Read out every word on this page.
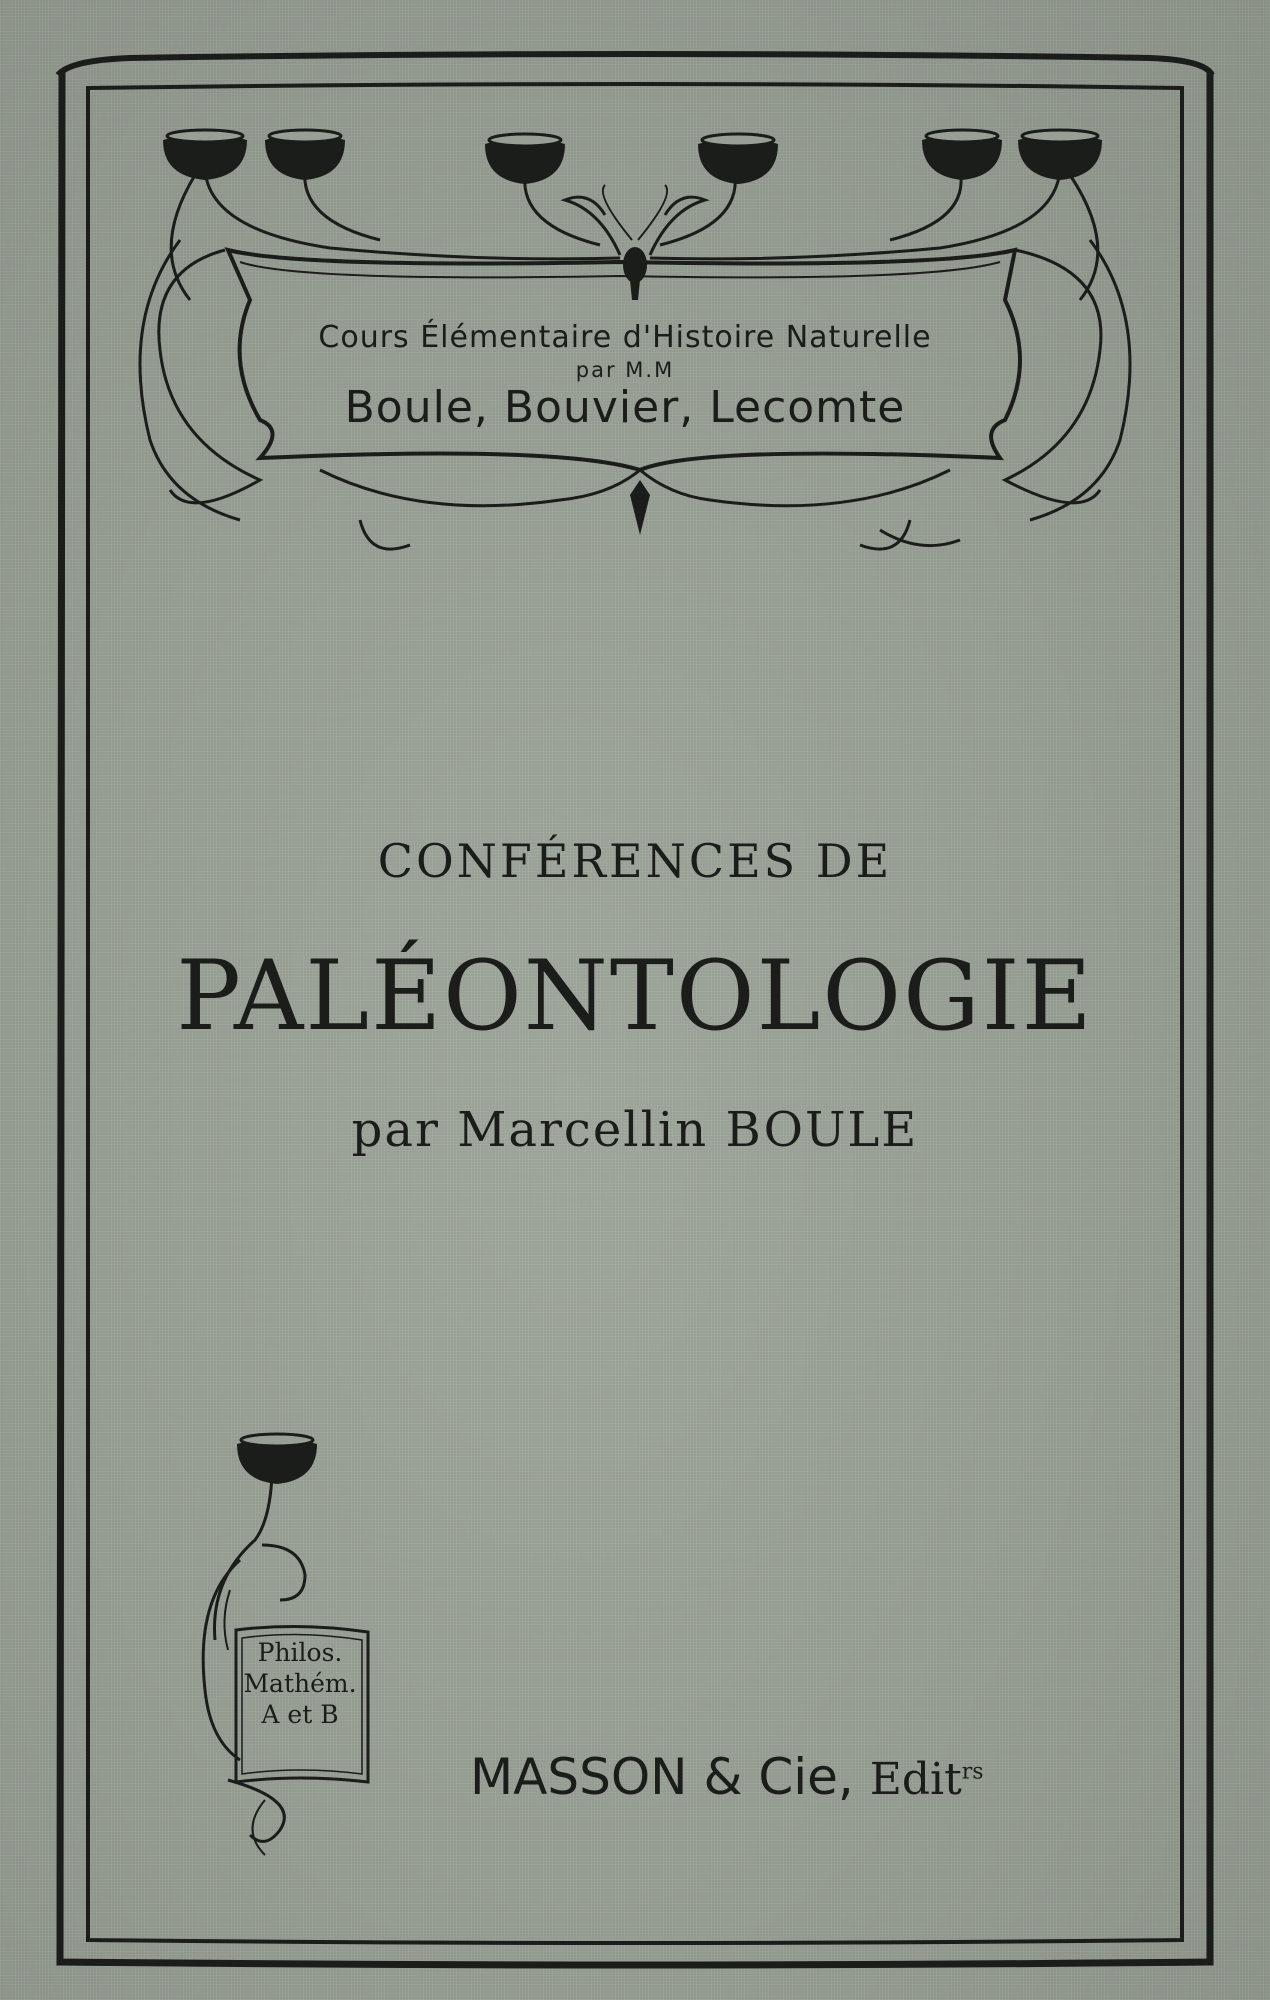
Cours Élémentaire d'Histoire Naturelle
par M.M
Boule, Bouvier, Lecomte
CONFÉRENCES DE
PALÉONTOLOGIE
par Marcellin BOULE
Philos.
Mathém.
A et B
MASSON & Cie, Edit$^{rs}$
